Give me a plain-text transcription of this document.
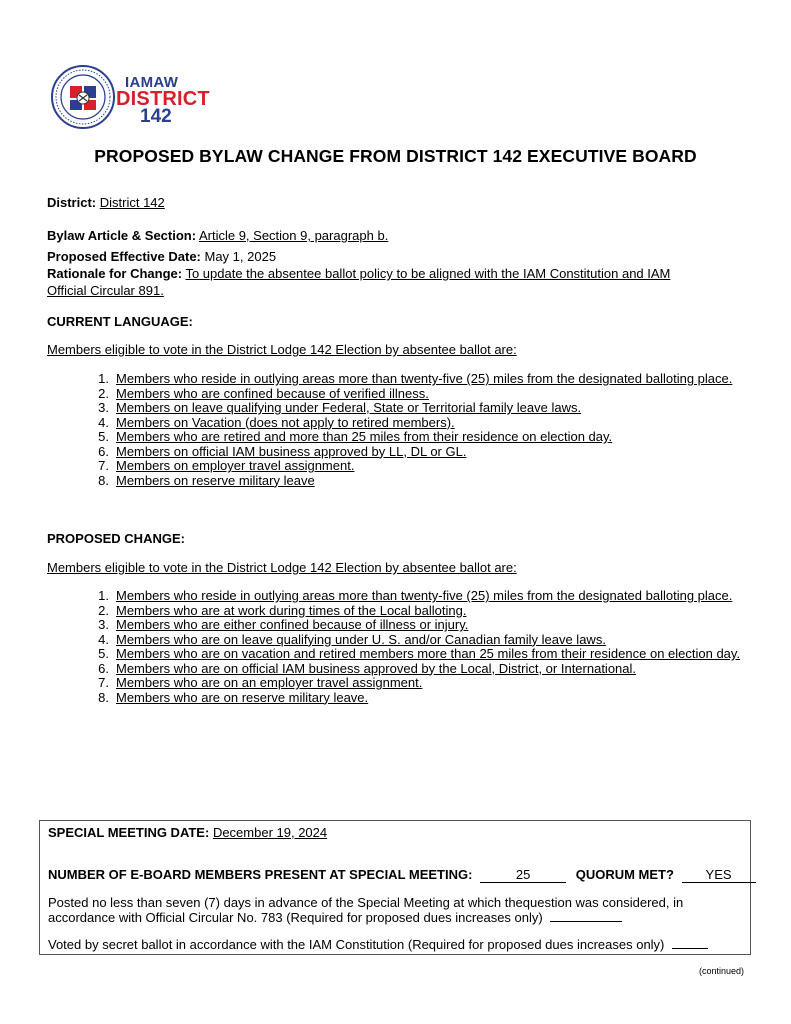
IAMAW
DISTRICT
142
PROPOSED BYLAW CHANGE FROM DISTRICT 142 EXECUTIVE BOARD
District: District 142
Bylaw Article & Section: Article 9, Section 9, paragraph b.
Proposed Effective Date: May 1, 2025
Rationale for Change: To update the absentee ballot policy to be aligned with the IAM Constitution and IAM
Official Circular 891.
CURRENT LANGUAGE:
Members eligible to vote in the District Lodge 142 Election by absentee ballot are:
1. Members who reside in outlying areas more than twenty-five (25) miles from the designated balloting place.
2. Members who are confined because of verified illness.
3. Members on leave qualifying under Federal, State or Territorial family leave laws.
4. Members on Vacation (does not apply to retired members).
5. Members who are retired and more than 25 miles from their residence on election day.
6. Members on official IAM business approved by LL, DL or GL.
7. Members on employer travel assignment.
8. Members on reserve military leave
PROPOSED CHANGE:
Members eligible to vote in the District Lodge 142 Election by absentee ballot are:
1. Members who reside in outlying areas more than twenty-five (25) miles from the designated balloting place.
2. Members who are at work during times of the Local balloting.
3. Members who are either confined because of illness or injury.
4. Members who are on leave qualifying under U. S. and/or Canadian family leave laws.
5. Members who are on vacation and retired members more than 25 miles from their residence on election day.
6. Members who are on official IAM business approved by the Local, District, or International.
7. Members who are on an employer travel assignment.
8. Members who are on reserve military leave.
SPECIAL MEETING DATE: December 19, 2024
NUMBER OF E-BOARD MEMBERS PRESENT AT SPECIAL MEETING:	25	QUORUM MET? YES
Posted no less than seven (7) days in advance of the Special Meeting at which thequestion was considered, in
accordance with Official Circular No. 783 (Required for proposed dues increases only)
Voted by secret ballot in accordance with the IAM Constitution (Required for proposed dues increases only)
(continued)
